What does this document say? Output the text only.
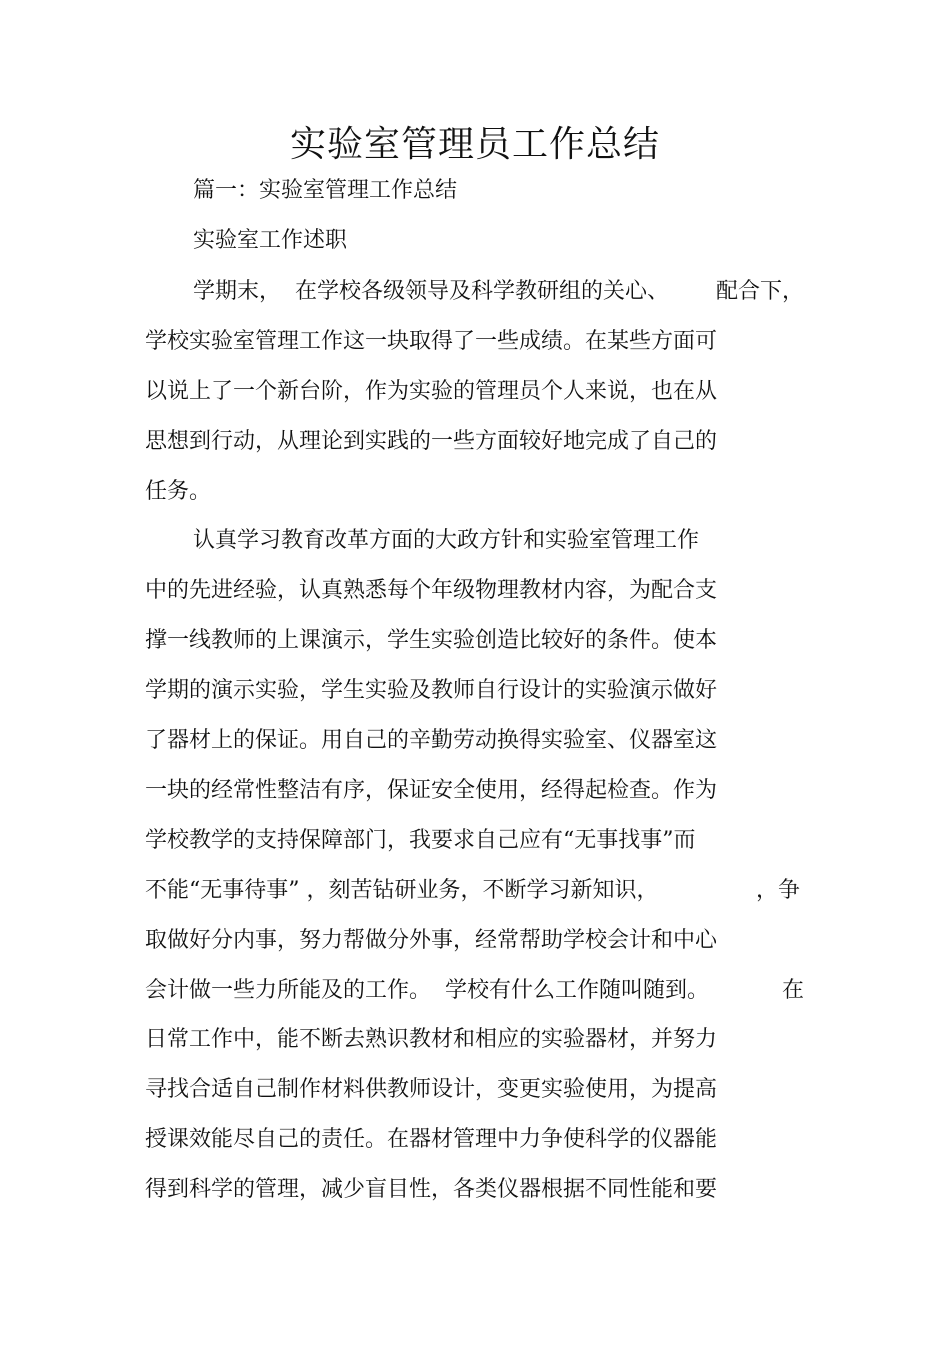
实验室管理员工作总结

篇一：实验室管理工作总结

实验室工作述职

学期末，  在学校各级领导及科学教研组的关心、 配合下，

学校实验室管理工作这一块取得了一些成绩。在某些方面可

以说上了一个新台阶，作为实验的管理员个人来说，也在从

思想到行动，从理论到实践的一些方面较好地完成了自己的

任务。

认真学习教育改革方面的大政方针和实验室管理工作

中的先进经验，认真熟悉每个年级物理教材内容，为配合支

撑一线教师的上课演示，学生实验创造比较好的条件。使本

学期的演示实验，学生实验及教师自行设计的实验演示做好

了器材上的保证。用自己的辛勤劳动换得实验室、仪器室这

一块的经常性整洁有序，保证安全使用，经得起检查。作为

学校教学的支持保障部门，我要求自己应有“无事找事”而

不能“无事待事” ，刻苦钻研业务，不断学习新知识，	，争

取做好分内事，努力帮做分外事，经常帮助学校会计和中心

会计做一些力所能及的工作。  学校有什么工作随叫随到。	在

日常工作中，能不断去熟识教材和相应的实验器材，并努力

寻找合适自己制作材料供教师设计，变更实验使用，为提高

授课效能尽自己的责任。在器材管理中力争使科学的仪器能

得到科学的管理，减少盲目性，各类仪器根据不同性能和要
